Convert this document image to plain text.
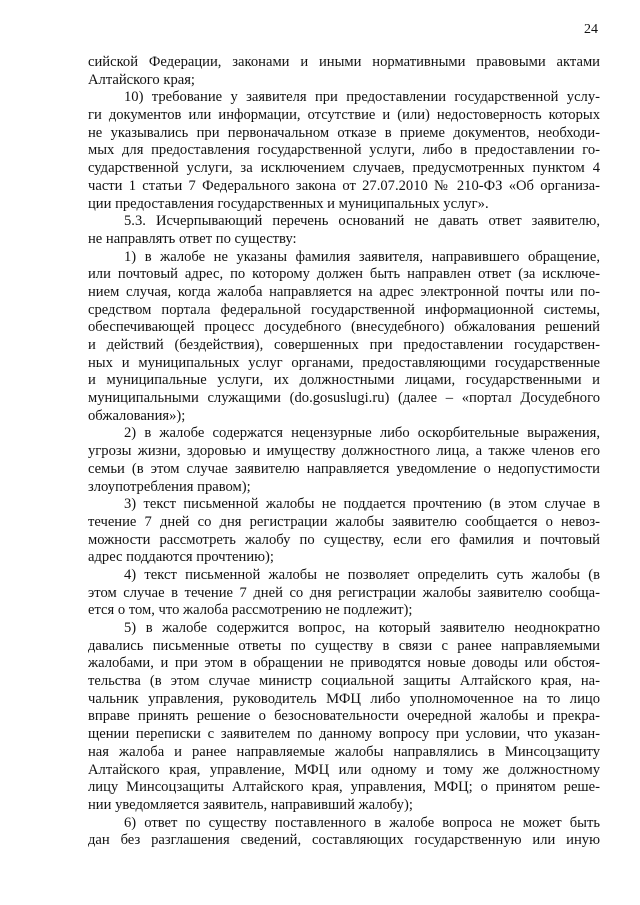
24
сийской Федерации, законами и иными нормативными правовыми актами
Алтайского края;
10) требование у заявителя при предоставлении государственной услу-
ги документов или информации, отсутствие и (или) недостоверность которых
не указывались при первоначальном отказе в приеме документов, необходи-
мых для предоставления государственной услуги, либо в предоставлении го-
сударственной услуги, за исключением случаев, предусмотренных пунктом 4
части 1 статьи 7 Федерального закона от 27.07.2010 № 210-ФЗ «Об организа-
ции предоставления государственных и муниципальных услуг».
5.3. Исчерпывающий перечень оснований не давать ответ заявителю,
не направлять ответ по существу:
1) в жалобе не указаны фамилия заявителя, направившего обращение,
или почтовый адрес, по которому должен быть направлен ответ (за исключе-
нием случая, когда жалоба направляется на адрес электронной почты или по-
средством портала федеральной государственной информационной системы,
обеспечивающей процесс досудебного (внесудебного) обжалования решений
и действий (бездействия), совершенных при предоставлении государствен-
ных и муниципальных услуг органами, предоставляющими государственные
и муниципальные услуги, их должностными лицами, государственными и
муниципальными служащими (do.gosuslugi.ru) (далее – «портал Досудебного
обжалования»);
2) в жалобе содержатся нецензурные либо оскорбительные выражения,
угрозы жизни, здоровью и имуществу должностного лица, а также членов его
семьи (в этом случае заявителю направляется уведомление о недопустимости
злоупотребления правом);
3) текст письменной жалобы не поддается прочтению (в этом случае в
течение 7 дней со дня регистрации жалобы заявителю сообщается о невоз-
можности рассмотреть жалобу по существу, если его фамилия и почтовый
адрес поддаются прочтению);
4) текст письменной жалобы не позволяет определить суть жалобы (в
этом случае в течение 7 дней со дня регистрации жалобы заявителю сообща-
ется о том, что жалоба рассмотрению не подлежит);
5) в жалобе содержится вопрос, на который заявителю неоднократно
давались письменные ответы по существу в связи с ранее направляемыми
жалобами, и при этом в обращении не приводятся новые доводы или обстоя-
тельства (в этом случае министр социальной защиты Алтайского края, на-
чальник управления, руководитель МФЦ либо уполномоченное на то лицо
вправе принять решение о безосновательности очередной жалобы и прекра-
щении переписки с заявителем по данному вопросу при условии, что указан-
ная жалоба и ранее направляемые жалобы направлялись в Минсоцзащиту
Алтайского края, управление, МФЦ или одному и тому же должностному
лицу Минсоцзащиты Алтайского края, управления, МФЦ; о принятом реше-
нии уведомляется заявитель, направивший жалобу);
6) ответ по существу поставленного в жалобе вопроса не может быть
дан без разглашения сведений, составляющих государственную или иную
